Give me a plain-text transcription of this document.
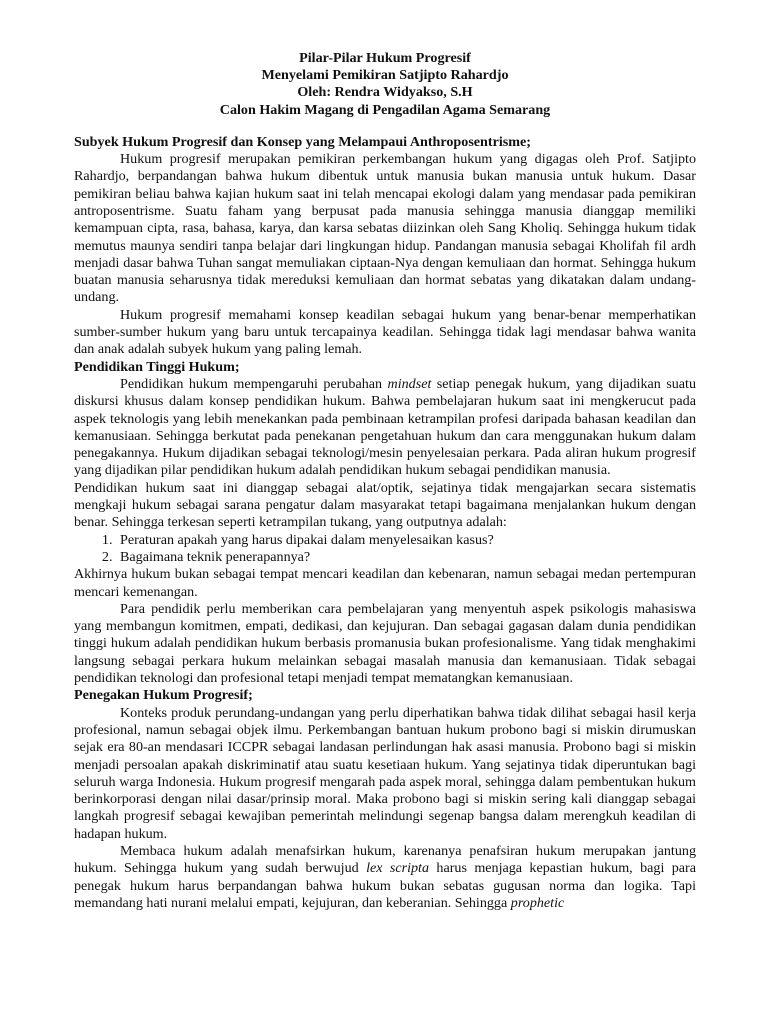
Pilar-Pilar Hukum Progresif
Menyelami Pemikiran Satjipto Rahardjo
Oleh: Rendra Widyakso, S.H
Calon Hakim Magang di Pengadilan Agama Semarang
Subyek Hukum Progresif dan Konsep yang Melampaui Anthroposentrisme;

Hukum progresif merupakan pemikiran perkembangan hukum yang digagas oleh Prof. Satjipto Rahardjo, berpandangan bahwa hukum dibentuk untuk manusia bukan manusia untuk hukum. Dasar pemikiran beliau bahwa kajian hukum saat ini telah mencapai ekologi dalam yang mendasar pada pemikiran antroposentrisme. Suatu faham yang berpusat pada manusia sehingga manusia dianggap memiliki kemampuan cipta, rasa, bahasa, karya, dan karsa sebatas diizinkan oleh Sang Kholiq. Sehingga hukum tidak memutus maunya sendiri tanpa belajar dari lingkungan hidup. Pandangan manusia sebagai Kholifah fil ardh menjadi dasar bahwa Tuhan sangat memuliakan ciptaan-Nya dengan kemuliaan dan hormat. Sehingga hukum buatan manusia seharusnya tidak mereduksi kemuliaan dan hormat sebatas yang dikatakan dalam undang-undang.

Hukum progresif memahami konsep keadilan sebagai hukum yang benar-benar memperhatikan sumber-sumber hukum yang baru untuk tercapainya keadilan. Sehingga tidak lagi mendasar bahwa wanita dan anak adalah subyek hukum yang paling lemah.

Pendidikan Tinggi Hukum;

Pendidikan hukum mempengaruhi perubahan mindset setiap penegak hukum, yang dijadikan suatu diskursi khusus dalam konsep pendidikan hukum. Bahwa pembelajaran hukum saat ini mengkerucut pada aspek teknologis yang lebih menekankan pada pembinaan ketrampilan profesi daripada bahasan keadilan dan kemanusiaan. Sehingga berkutat pada penekanan pengetahuan hukum dan cara menggunakan hukum dalam penegakannya. Hukum dijadikan sebagai teknologi/mesin penyelesaian perkara. Pada aliran hukum progresif yang dijadikan pilar pendidikan hukum adalah pendidikan hukum sebagai pendidikan manusia.

Pendidikan hukum saat ini dianggap sebagai alat/optik, sejatinya tidak mengajarkan secara sistematis mengkaji hukum sebagai sarana pengatur dalam masyarakat tetapi bagaimana menjalankan hukum dengan benar. Sehingga terkesan seperti ketrampilan tukang, yang outputnya adalah:

1. Peraturan apakah yang harus dipakai dalam menyelesaikan kasus?
2. Bagaimana teknik penerapannya?

Akhirnya hukum bukan sebagai tempat mencari keadilan dan kebenaran, namun sebagai medan pertempuran mencari kemenangan.

Para pendidik perlu memberikan cara pembelajaran yang menyentuh aspek psikologis mahasiswa yang membangun komitmen, empati, dedikasi, dan kejujuran. Dan sebagai gagasan dalam dunia pendidikan tinggi hukum adalah pendidikan hukum berbasis promanusia bukan profesionalisme. Yang tidak menghakimi langsung sebagai perkara hukum melainkan sebagai masalah manusia dan kemanusiaan. Tidak sebagai pendidikan teknologi dan profesional tetapi menjadi tempat mematangkan kemanusiaan.

Penegakan Hukum Progresif;

Konteks produk perundang-undangan yang perlu diperhatikan bahwa tidak dilihat sebagai hasil kerja profesional, namun sebagai objek ilmu. Perkembangan bantuan hukum probono bagi si miskin dirumuskan sejak era 80-an mendasari ICCPR sebagai landasan perlindungan hak asasi manusia. Probono bagi si miskin menjadi persoalan apakah diskriminatif atau suatu kesetiaan hukum. Yang sejatinya tidak diperuntukan bagi seluruh warga Indonesia. Hukum progresif mengarah pada aspek moral, sehingga dalam pembentukan hukum berinkorporasi dengan nilai dasar/prinsip moral. Maka probono bagi si miskin sering kali dianggap sebagai langkah progresif sebagai kewajiban pemerintah melindungi segenap bangsa dalam merengkuh keadilan di hadapan hukum.

Membaca hukum adalah menafsirkan hukum, karenanya penafsiran hukum merupakan jantung hukum. Sehingga hukum yang sudah berwujud lex scripta harus menjaga kepastian hukum, bagi para penegak hukum harus berpandangan bahwa hukum bukan sebatas gugusan norma dan logika. Tapi memandang hati nurani melalui empati, kejujuran, dan keberanian. Sehingga prophetic
